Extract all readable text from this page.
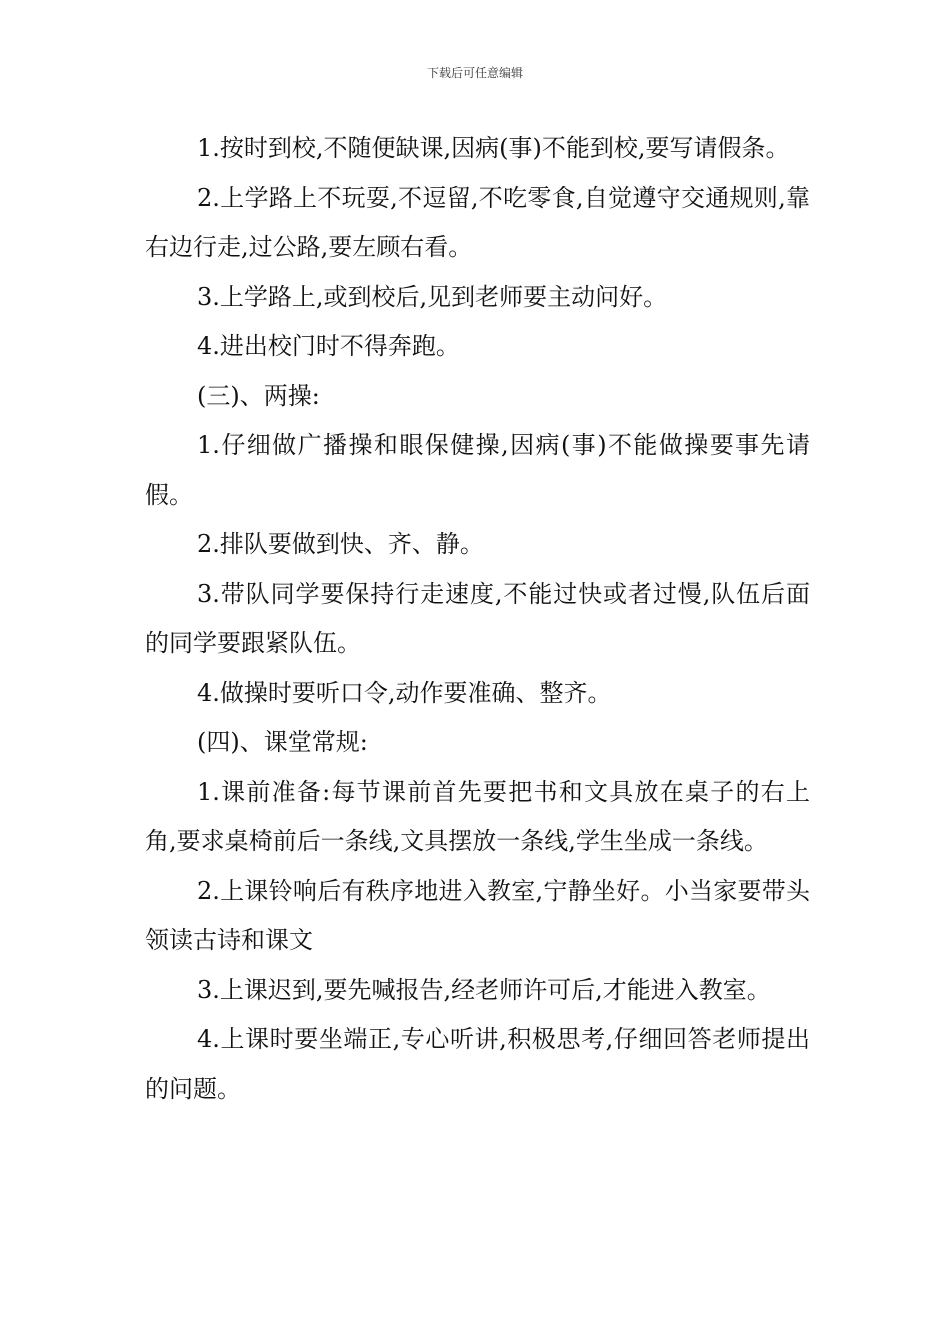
下载后可任意编辑

1.按时到校,不随便缺课,因病(事)不能到校,要写请假条。

2.上学路上不玩耍,不逗留,不吃零食,自觉遵守交通规则,靠右边行走,过公路,要左顾右看。

3.上学路上,或到校后,见到老师要主动问好。

4.进出校门时不得奔跑。

(三)、两操:

1.仔细做广播操和眼保健操,因病(事)不能做操要事先请假。

2.排队要做到快、齐、静。

3.带队同学要保持行走速度,不能过快或者过慢,队伍后面的同学要跟紧队伍。

4.做操时要听口令,动作要准确、整齐。

(四)、课堂常规:

1.课前准备:每节课前首先要把书和文具放在桌子的右上角,要求桌椅前后一条线,文具摆放一条线,学生坐成一条线。

2.上课铃响后有秩序地进入教室,宁静坐好。小当家要带头领读古诗和课文

3.上课迟到,要先喊报告,经老师许可后,才能进入教室。

4.上课时要坐端正,专心听讲,积极思考,仔细回答老师提出的问题。
